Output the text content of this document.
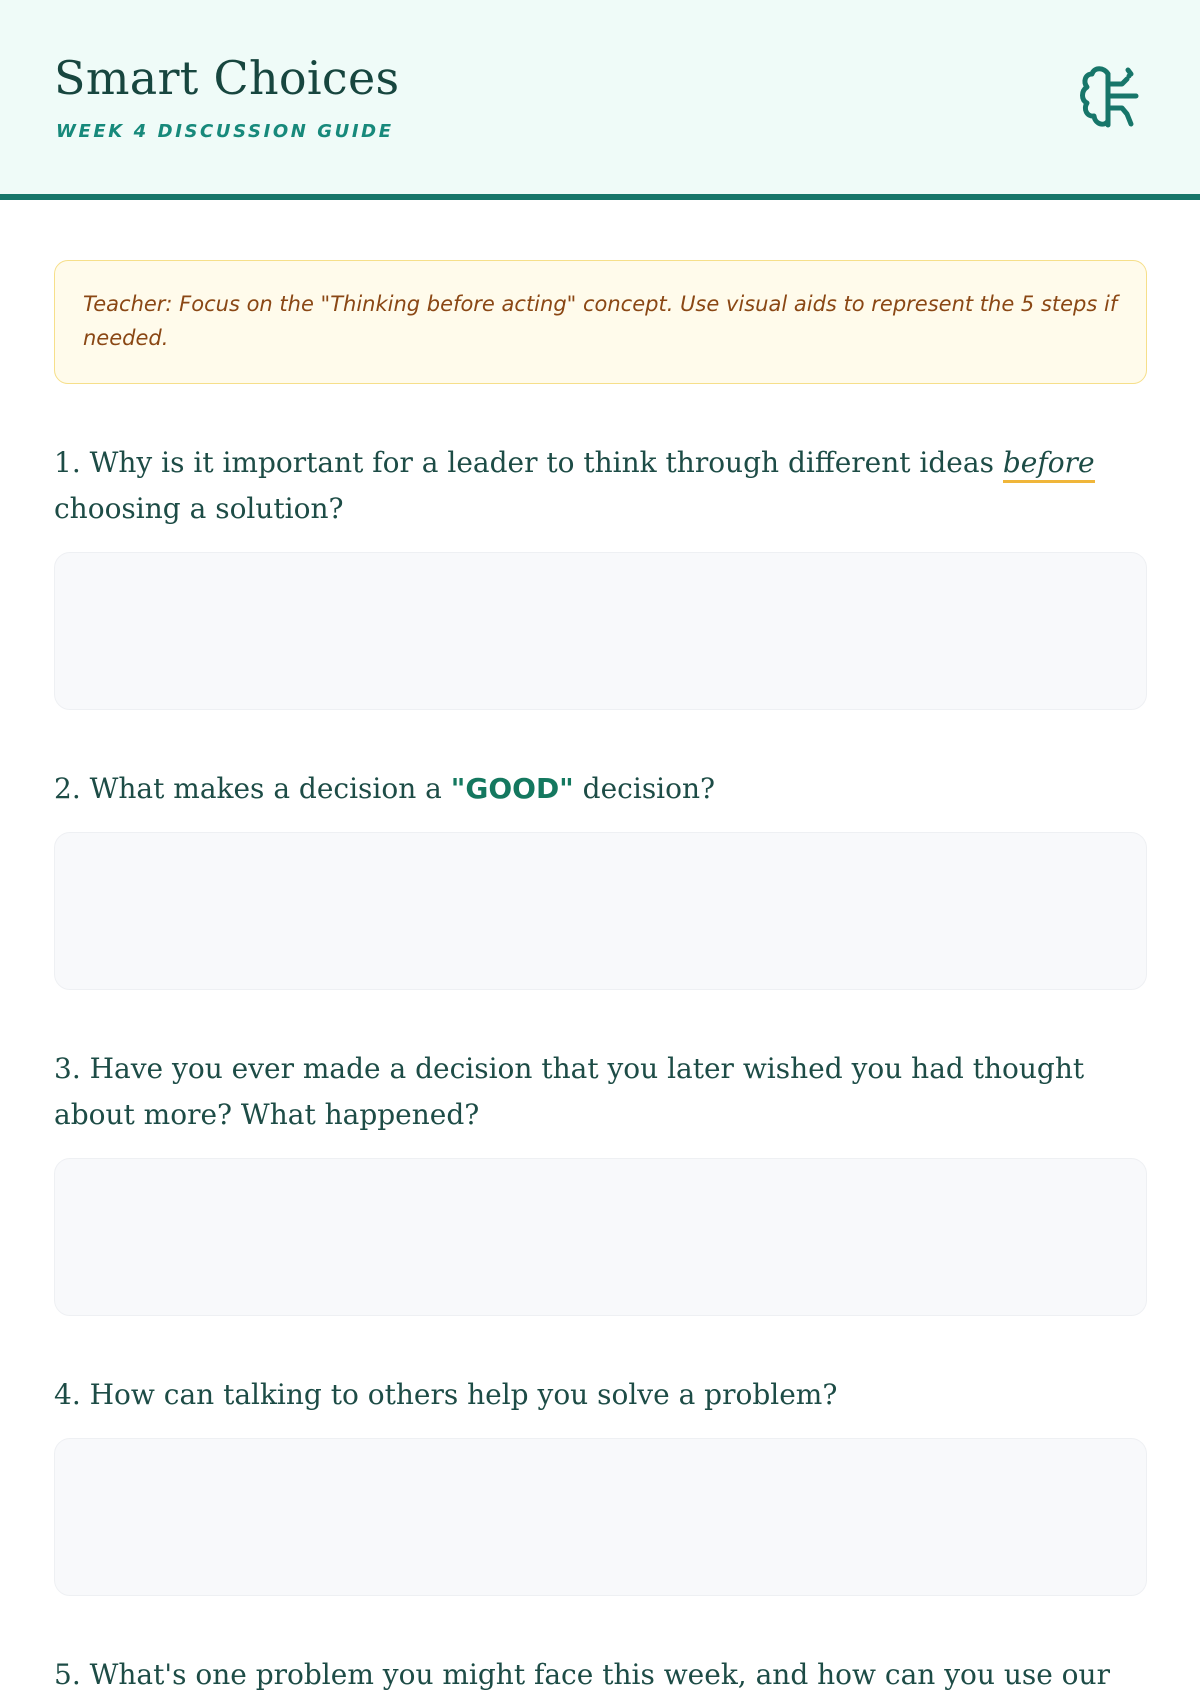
Smart Choices
WEEK 4 DISCUSSION GUIDE
Teacher: Focus on the "Thinking before acting" concept. Use visual aids to represent the 5 steps if needed.
1. Why is it important for a leader to think through different ideas before choosing a solution?
2. What makes a decision a "GOOD" decision?
3. Have you ever made a decision that you later wished you had thought about more? What happened?
4. How can talking to others help you solve a problem?
5. What's one problem you might face this week, and how can you use our
